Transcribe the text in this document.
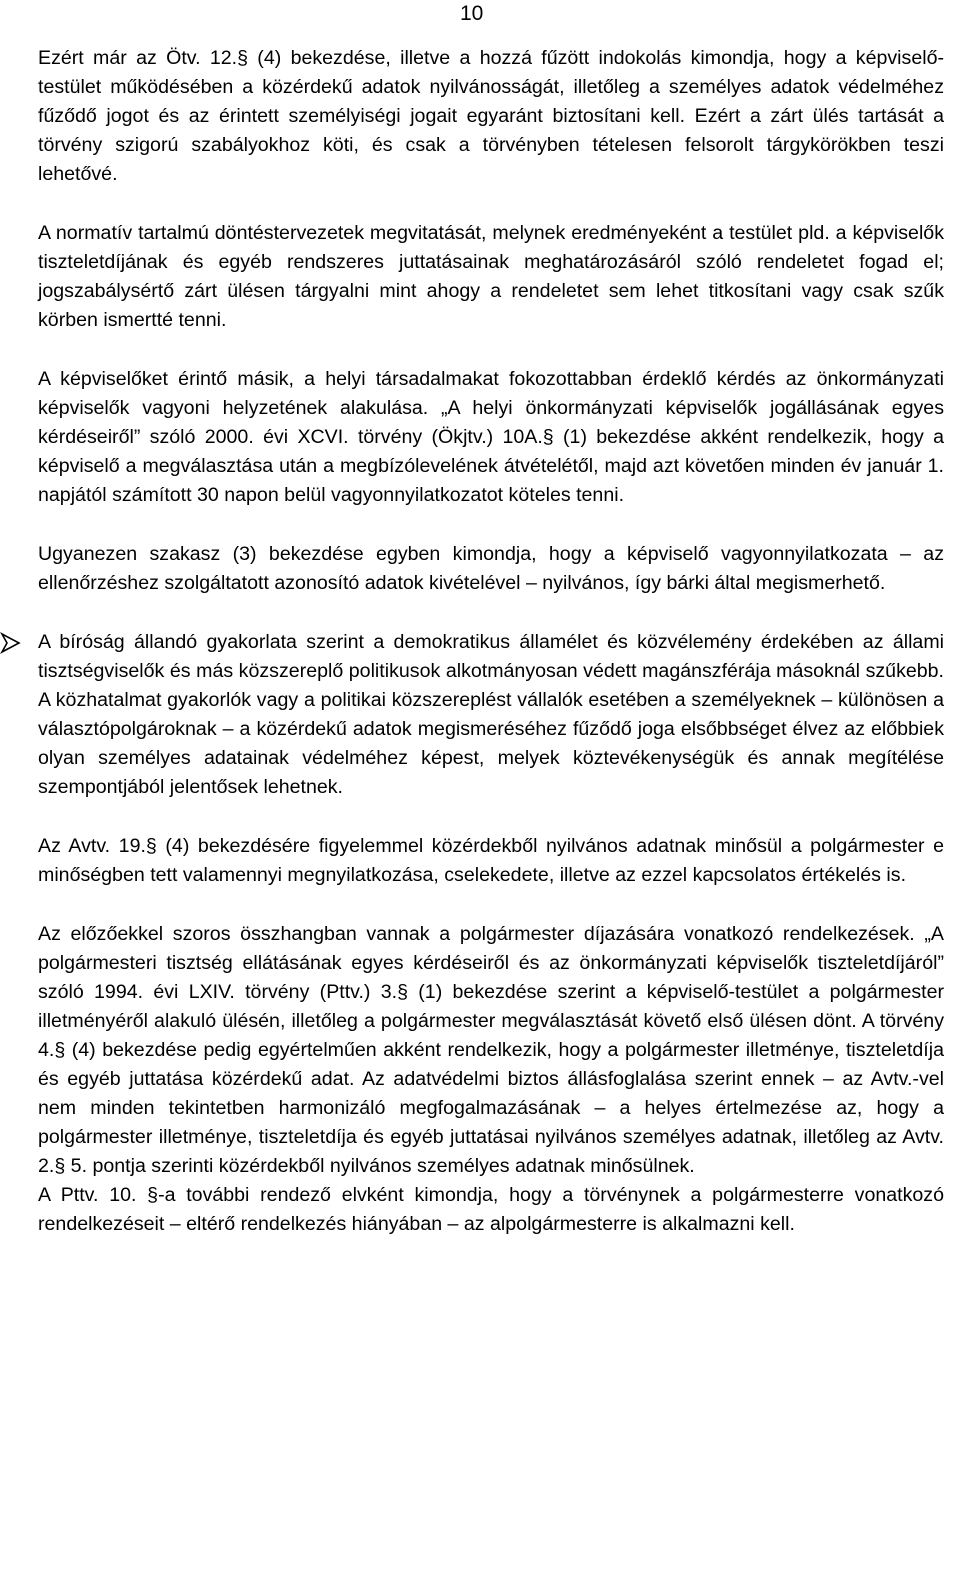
10

Ezért már az Ötv. 12.§ (4) bekezdése, illetve a hozzá fűzött indokolás kimondja, hogy a képviselő-testület működésében a közérdekű adatok nyilvánosságát, illetőleg a személyes adatok védelméhez fűződő jogot és az érintett személyiségi jogait egyaránt biztosítani kell. Ezért a zárt ülés tartását a törvény szigorú szabályokhoz köti, és csak a törvényben tételesen felsorolt tárgykörökben teszi lehetővé.

A normatív tartalmú döntéstervezetek megvitatását, melynek eredményeként a testület pld. a képviselők tiszteletdíjának és egyéb rendszeres juttatásainak meghatározásáról szóló rendeletet fogad el; jogszabálysértő zárt ülésen tárgyalni mint ahogy a rendeletet sem lehet titkosítani vagy csak szűk körben ismertté tenni.

A képviselőket érintő másik, a helyi társadalmakat fokozottabban érdeklő kérdés az önkormányzati képviselők vagyoni helyzetének alakulása. „A helyi önkormányzati képviselők jogállásának egyes kérdéseiről” szóló 2000. évi XCVI. törvény (Ökjtv.) 10A.§ (1) bekezdése akként rendelkezik, hogy a képviselő a megválasztása után a megbízólevelének átvételétől, majd azt követően minden év január 1. napjától számított 30 napon belül vagyonnyilatkozatot köteles tenni.

Ugyanezen szakasz (3) bekezdése egyben kimondja, hogy a képviselő vagyonnyilatkozata – az ellenőrzéshez szolgáltatott azonosító adatok kivételével – nyilvános, így bárki által megismerhető.

A bíróság állandó gyakorlata szerint a demokratikus államélet és közvélemény érdekében az állami tisztségviselők és más közszereplő politikusok alkotmányosan védett magánszférája másoknál szűkebb. A közhatalmat gyakorlók vagy a politikai közszereplést vállalók esetében a személyeknek – különösen a választópolgároknak – a közérdekű adatok megismeréséhez fűződő joga elsőbbséget élvez az előbbiek olyan személyes adatainak védelméhez képest, melyek köztevékenységük és annak megítélése szempontjából jelentősek lehetnek.

Az Avtv. 19.§ (4) bekezdésére figyelemmel közérdekből nyilvános adatnak minősül a polgármester e minőségben tett valamennyi megnyilatkozása, cselekedete, illetve az ezzel kapcsolatos értékelés is.

Az előzőekkel szoros összhangban vannak a polgármester díjazására vonatkozó rendelkezések. „A polgármesteri tisztség ellátásának egyes kérdéseiről és az önkormányzati képviselők tiszteletdíjáról” szóló 1994. évi LXIV. törvény (Pttv.) 3.§ (1) bekezdése szerint a képviselő-testület a polgármester illetményéről alakuló ülésén, illetőleg a polgármester megválasztását követő első ülésen dönt. A törvény 4.§ (4) bekezdése pedig egyértelműen akként rendelkezik, hogy a polgármester illetménye, tiszteletdíja és egyéb juttatása közérdekű adat. Az adatvédelmi biztos állásfoglalása szerint ennek – az Avtv.-vel nem minden tekintetben harmonizáló megfogalmazásának – a helyes értelmezése az, hogy a polgármester illetménye, tiszteletdíja és egyéb juttatásai nyilvános személyes adatnak, illetőleg az Avtv. 2.§ 5. pontja szerinti közérdekből nyilvános személyes adatnak minősülnek.

A Pttv. 10. §-a további rendező elvként kimondja, hogy a törvénynek a polgármesterre vonatkozó rendelkezéseit – eltérő rendelkezés hiányában – az alpolgármesterre is alkalmazni kell.
